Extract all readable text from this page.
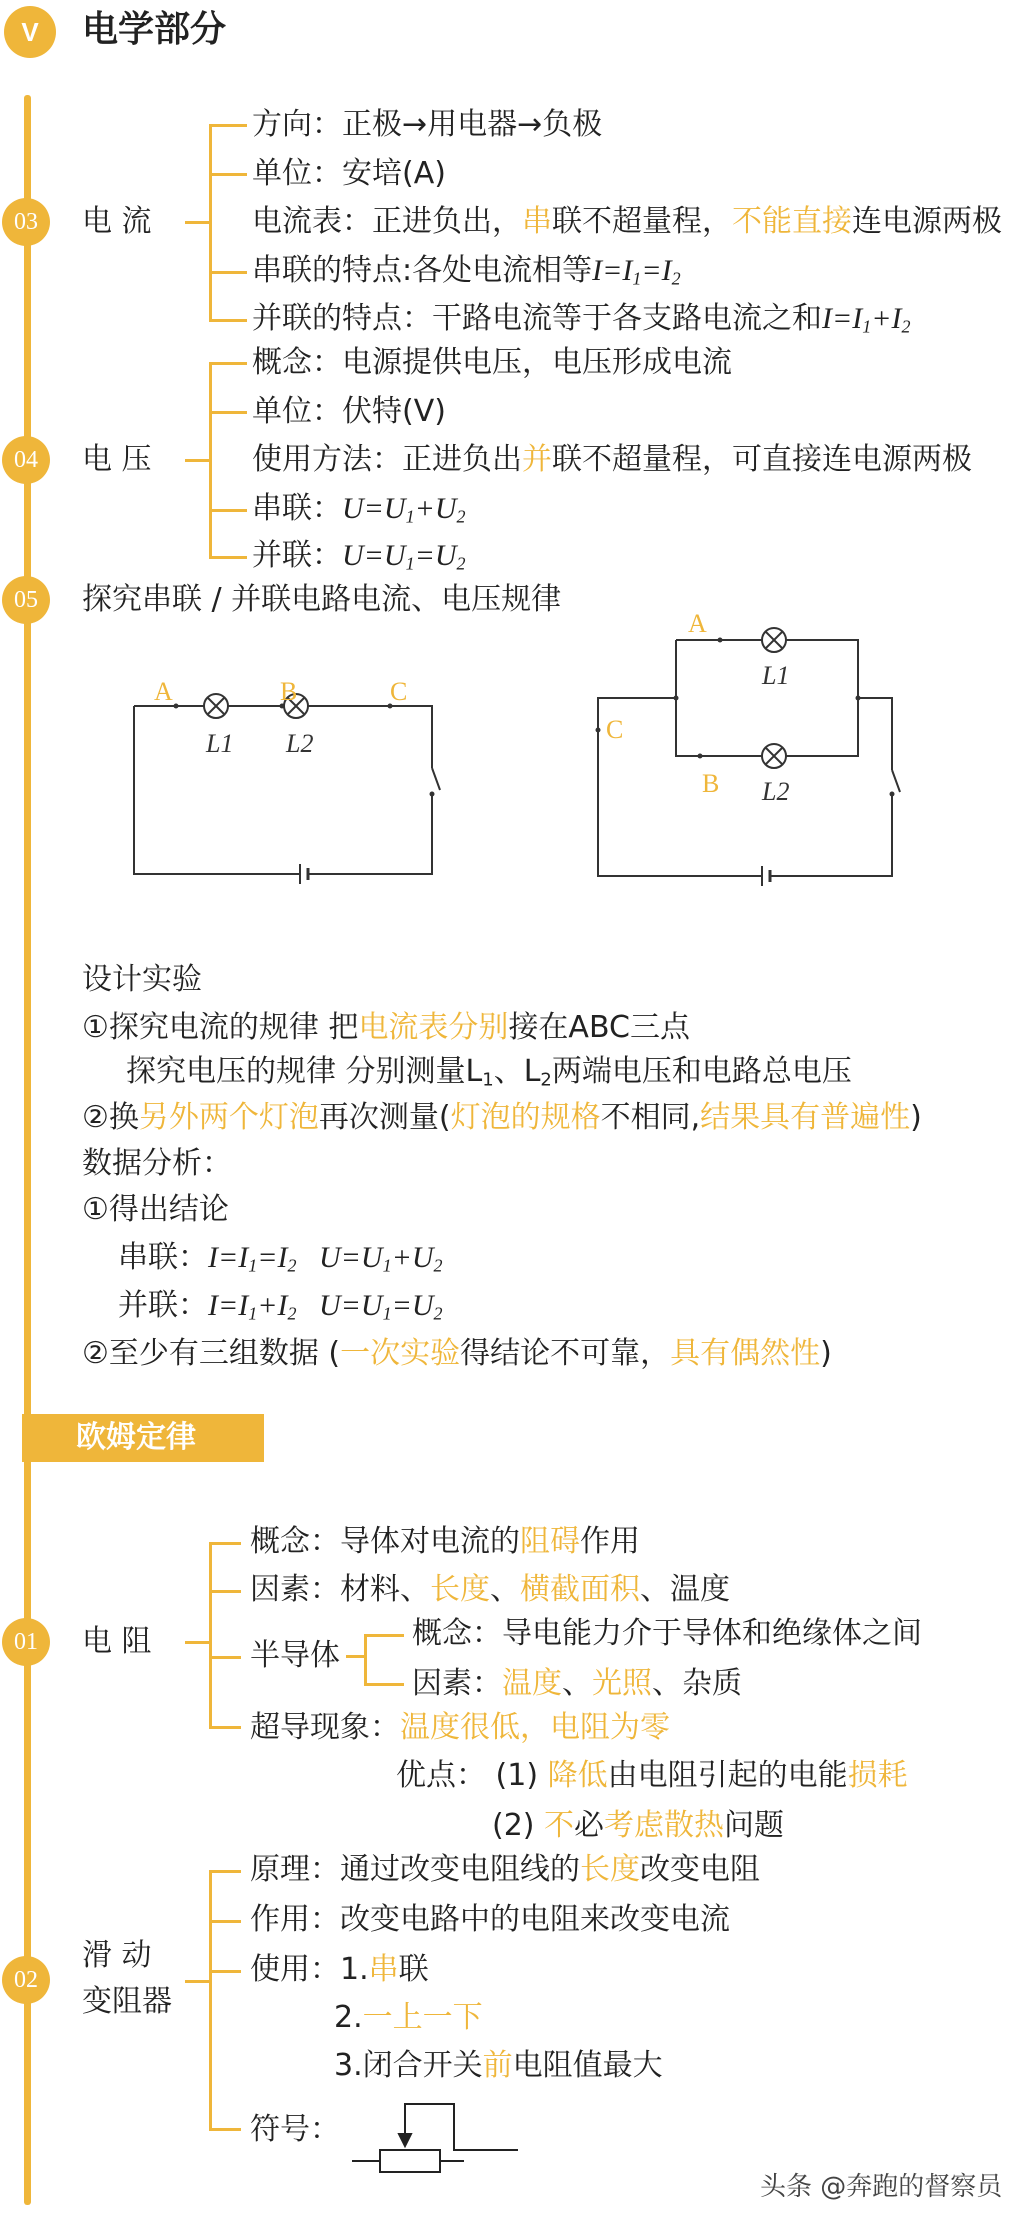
V	电学部分
03	电 流
方向：正极→用电器→负极
单位：安培(A)
电流表：正进负出，串联不超量程，不能直接连电源两极
串联的特点:各处电流相等$I=I_1=I_2$
并联的特点：干路电流等于各支路电流之和$I=I_1+I_2$
04	电 压
概念：电源提供电压，电压形成电流
单位：伏特(V)
使用方法：正进负出并联不超量程，可直接连电源两极
串联：$U=U_1+U_2$
并联：$U=U_1=U_2$
05	探究串联 / 并联电路电流、电压规律
A	B	C
L1 L2
A
B
C
L1
L2
设计实验
①探究电流的规律 把电流表分别接在ABC三点
探究电压的规律 分别测量$L_1$、$L_2$两端电压和电路总电压
②换另外两个灯泡再次测量(灯泡的规格不相同,结果具有普遍性)
数据分析：
①得出结论
串联：$I=I_1=I_2$ $U=U_1+U_2$
并联：$I=I_1+I_2$ $U=U_1=U_2$
②至少有三组数据 (一次实验得结论不可靠，具有偶然性)
欧姆定律
01	电 阻
概念：导体对电流的阻碍作用
因素：材料、长度、横截面积、温度
半导体
概念：导电能力介于导体和绝缘体之间
因素：温度、光照、杂质
超导现象：温度很低，电阻为零
优点： (1) 降低由电阻引起的电能损耗
(2) 不必考虑散热问题
02
滑 动
变阻器
原理：通过改变电阻线的长度改变电阻
作用：改变电路中的电阻来改变电流
使用：1.串联
2.一上一下
3.闭合开关前电阻值最大
符号：
头条 @奔跑的督察员
